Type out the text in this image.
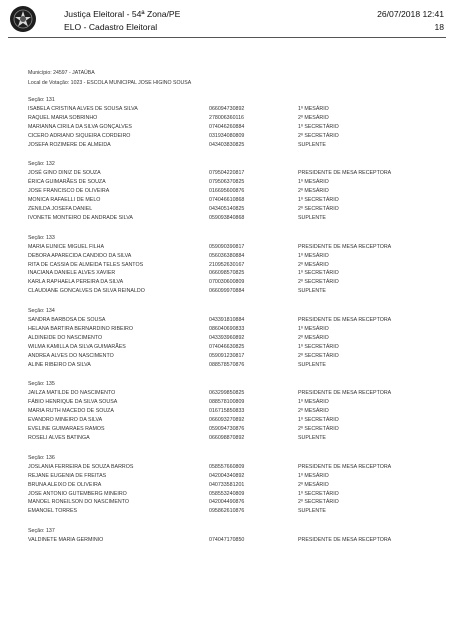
Justiça Eleitoral - 54ª Zona/PE
ELO - Cadastro Eleitoral
26/07/2018 12:41
18
Município: 24597 - JATAÚBA
Local de Votação: 1023 - ESCOLA MUNICIPAL JOSE HIGINO SOUSA
Seção: 131
ISABELA CRISTINA ALVES DE SOUSA SILVA	066094730892	1º MESÁRIO
RAQUEL MARIA SOBRINHO	278006360116	2º MESÁRIO
MARIANNA CIRILA DA SILVA GONÇALVES	074046260884	1º SECRETÁRIO
CICERO ADRIANO SIQUEIRA CORDEIRO	031934080809	2º SECRETÁRIO
JOSEFA ROZIMERE DE ALMEIDA	043403830825	SUPLENTE
Seção: 132
JOSÉ GINO DINIZ DE SOUZA	079504220817	PRESIDENTE DE MESA RECEPTORA
ÉRICA GUIMARÃES DE SOUZA	079506370825	1º MESÁRIO
JOSE FRANCISCO DE OLIVEIRA	016695600876	2º MESÁRIO
MONICA RAFAELLI DE MELO	074046610868	1º SECRETÁRIO
ZENILDA JOSEFA DANIEL	043405140825	2º SECRETÁRIO
IVONETE MONTEIRO DE ANDRADE SILVA	059093840868	SUPLENTE
Seção: 133
MARIA EUNICE MIGUEL FILHA	059090390817	PRESIDENTE DE MESA RECEPTORA
DEBORA APARECIDA CANDIDO DA SILVA	056036380884	1º MESÁRIO
RITA DE CASSIA DE ALMEIDA TELES SANTOS	210952630167	2º MESÁRIO
INACIANA DANIELE ALVES XAVIER	066098570825	1º SECRETÁRIO
KARLA RAPHAELA PEREIRA DA SILVA	070030600809	2º SECRETÁRIO
CLAUDIANE GONCALVES DA SILVA REINALDO	066099970884	SUPLENTE
Seção: 134
SANDRA BARBOSA DE SOUSA	043391810884	PRESIDENTE DE MESA RECEPTORA
HELANA BARTIRA BERNARDINO RIBEIRO	086040690833	1º MESÁRIO
ALDINEIDE DO NASCIMENTO	043393960892	2º MESÁRIO
WILMA KAMILLA DA SILVA GUIMARÃES	074046630825	1º SECRETÁRIO
ANDREA ALVES DO NASCIMENTO	059091230817	2º SECRETÁRIO
ALINE RIBEIRO DA SILVA	088578570876	SUPLENTE
Seção: 135
JAILZA MATILDE DO NASCIMENTO	063299850825	PRESIDENTE DE MESA RECEPTORA
FÁBIO HENRIQUE DA SILVA SOUSA	088578100809	1º MESÁRIO
MARIA RUTH MACEDO DE SOUZA	016715850833	2º MESÁRIO
EVANDRO MINEIRO DA SILVA	066093270892	1º SECRETÁRIO
EVELINE GUIMARAES RAMOS	059094730876	2º SECRETÁRIO
ROSELI ALVES BATINGA	066098870892	SUPLENTE
Seção: 136
JOSLANIA FERREIRA DE SOUZA BARROS	058557660809	PRESIDENTE DE MESA RECEPTORA
REJANE EUGENIA DE FREITAS	042004340892	1º MESÁRIO
BRUNA ALEIXO DE OLIVEIRA	040733581201	2º MESÁRIO
JOSE ANTONIO GUTEMBERG MINEIRO	058553240809	1º SECRETÁRIO
MANOEL RONEILSON DO NASCIMENTO	042004490876	2º SECRETÁRIO
EMANOEL TORRES	095862610876	SUPLENTE
Seção: 137
VALDINETE MARIA GERMINIO	074047170850	PRESIDENTE DE MESA RECEPTORA
